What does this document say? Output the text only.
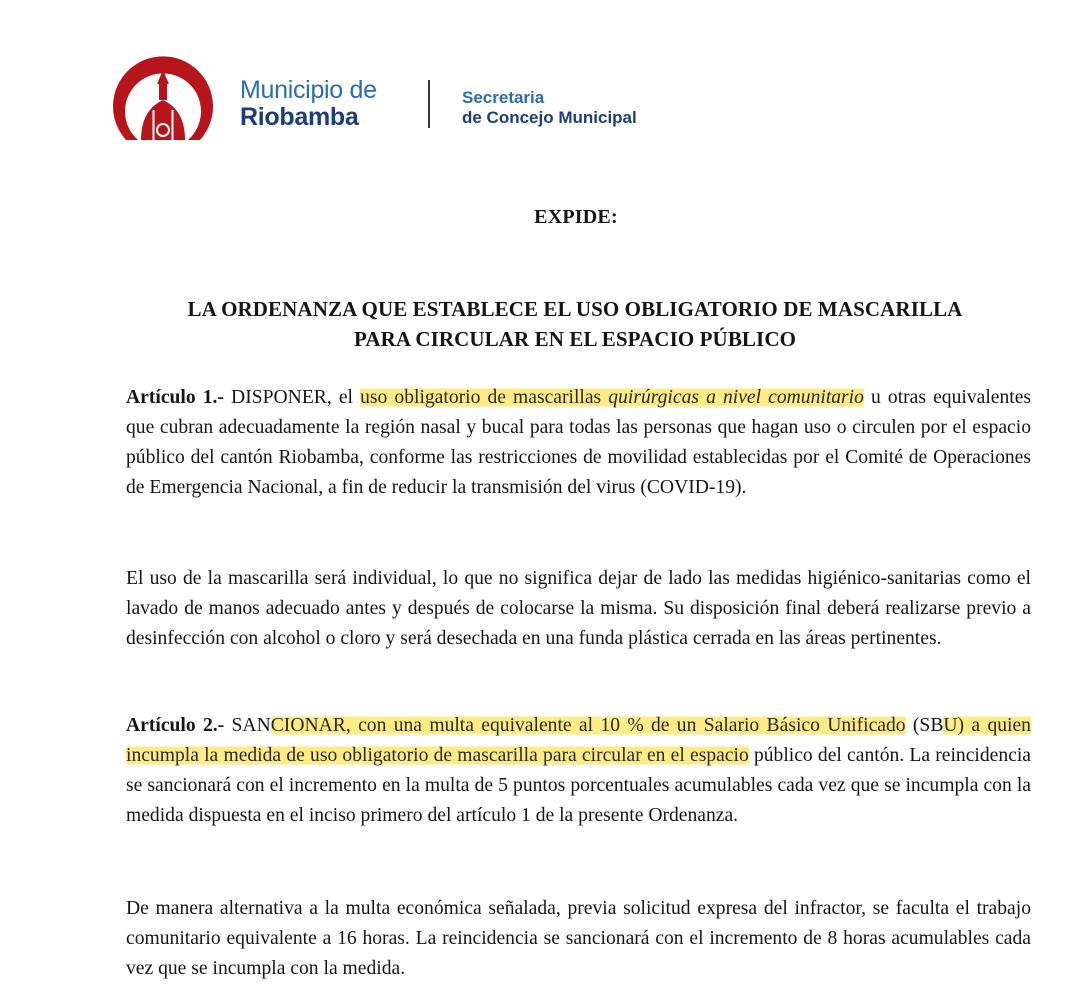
Municipio de
Riobamba
Secretaria
de Concejo Municipal
EXPIDE:
LA ORDENANZA QUE ESTABLECE EL USO OBLIGATORIO DE MASCARILLA
PARA CIRCULAR EN EL ESPACIO PÚBLICO
Artículo 1.- DISPONER, el uso obligatorio de mascarillas quirúrgicas a nivel comunitario u otras equivalentes que cubran adecuadamente la región nasal y bucal para todas las personas que hagan uso o circulen por el espacio público del cantón Riobamba, conforme las restricciones de movilidad establecidas por el Comité de Operaciones de Emergencia Nacional, a fin de reducir la transmisión del virus (COVID-19).
El uso de la mascarilla será individual, lo que no significa dejar de lado las medidas higiénico-sanitarias como el lavado de manos adecuado antes y después de colocarse la misma. Su disposición final deberá realizarse previo a desinfección con alcohol o cloro y será desechada en una funda plástica cerrada en las áreas pertinentes.
Artículo 2.- SANCIONAR, con una multa equivalente al 10 % de un Salario Básico Unificado (SBU) a quien incumpla la medida de uso obligatorio de mascarilla para circular en el espacio público del cantón. La reincidencia se sancionará con el incremento en la multa de 5 puntos porcentuales acumulables cada vez que se incumpla con la medida dispuesta en el inciso primero del artículo 1 de la presente Ordenanza.
De manera alternativa a la multa económica señalada, previa solicitud expresa del infractor, se faculta el trabajo comunitario equivalente a 16 horas. La reincidencia se sancionará con el incremento de 8 horas acumulables cada vez que se incumpla con la medida.
